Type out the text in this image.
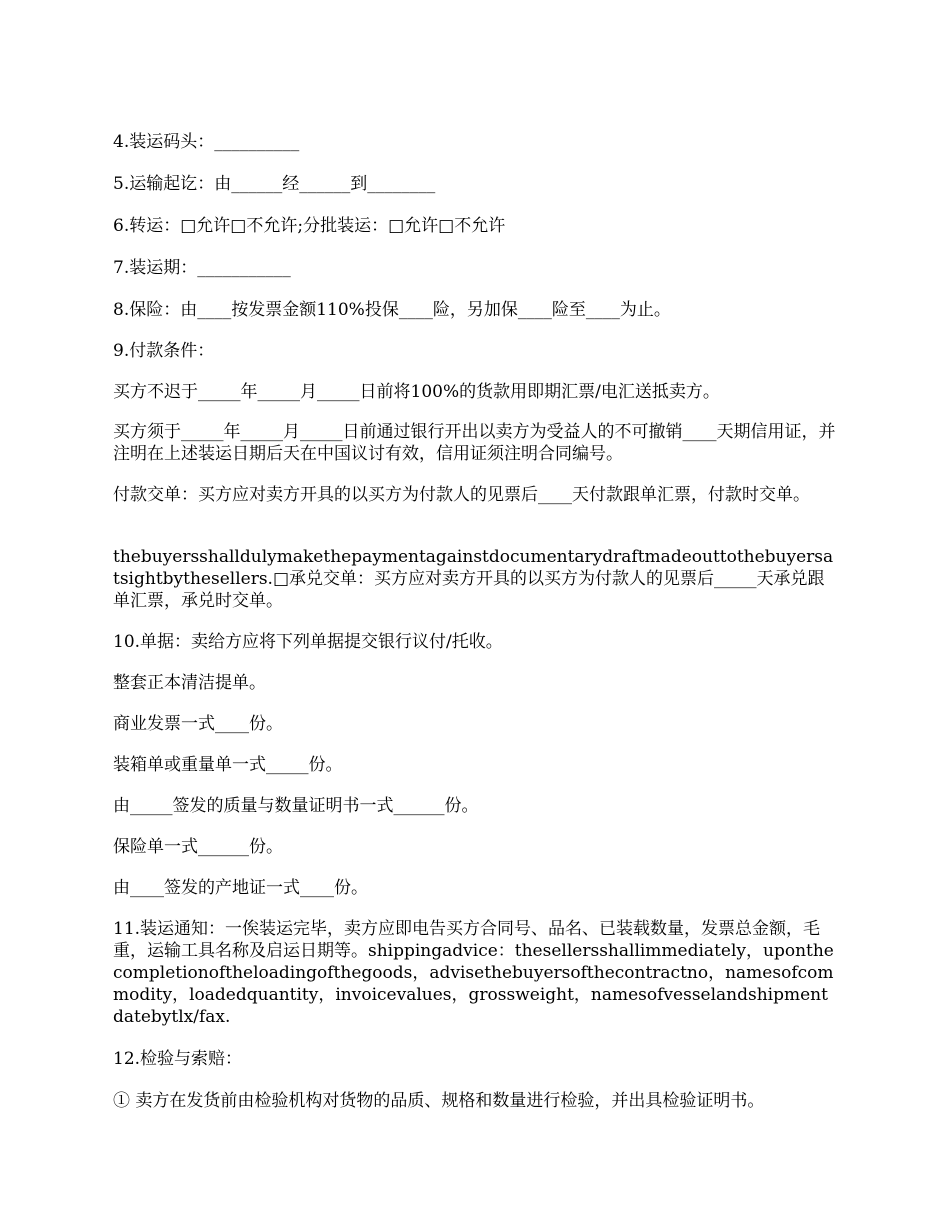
4.装运码头：__________

5.运输起讫：由______经______到________

6.转运：□允许□不允许;分批装运：□允许□不允许

7.装运期：___________

8.保险：由____按发票金额110%投保____险，另加保____险至____为止。

9.付款条件：

买方不迟于_____年_____月_____日前将100%的货款用即期汇票/电汇送抵卖方。

买方须于_____年_____月_____日前通过银行开出以卖方为受益人的不可撤销____天期信用证，并注明在上述装运日期后天在中国议讨有效，信用证须注明合同编号。

付款交单：买方应对卖方开具的以买方为付款人的见票后____天付款跟单汇票，付款时交单。

thebuyersshalldulymakethepaymentagainstdocumentarydraftmadeouttothebuyersatsightbythesellers.□承兑交单：买方应对卖方开具的以买方为付款人的见票后_____天承兑跟单汇票，承兑时交单。

10.单据：卖给方应将下列单据提交银行议付/托收。

整套正本清洁提单。

商业发票一式____份。

装箱单或重量单一式_____份。

由_____签发的质量与数量证明书一式______份。

保险单一式______份。

由____签发的产地证一式____份。

11.装运通知：一俟装运完毕，卖方应即电告买方合同号、品名、已装载数量，发票总金额，毛重，运输工具名称及启运日期等。shippingadvice：thesellersshallimmediately，uponthecompletionoftheloadingofthegoods，advisethebuyersofthecontractno，namesofcommodity，loadedquantity，invoicevalues，grossweight，namesofvesselandshipmentdatebytlx/fax.

12.检验与索赔：

① 卖方在发货前由检验机构对货物的品质、规格和数量进行检验，并出具检验证明书。
